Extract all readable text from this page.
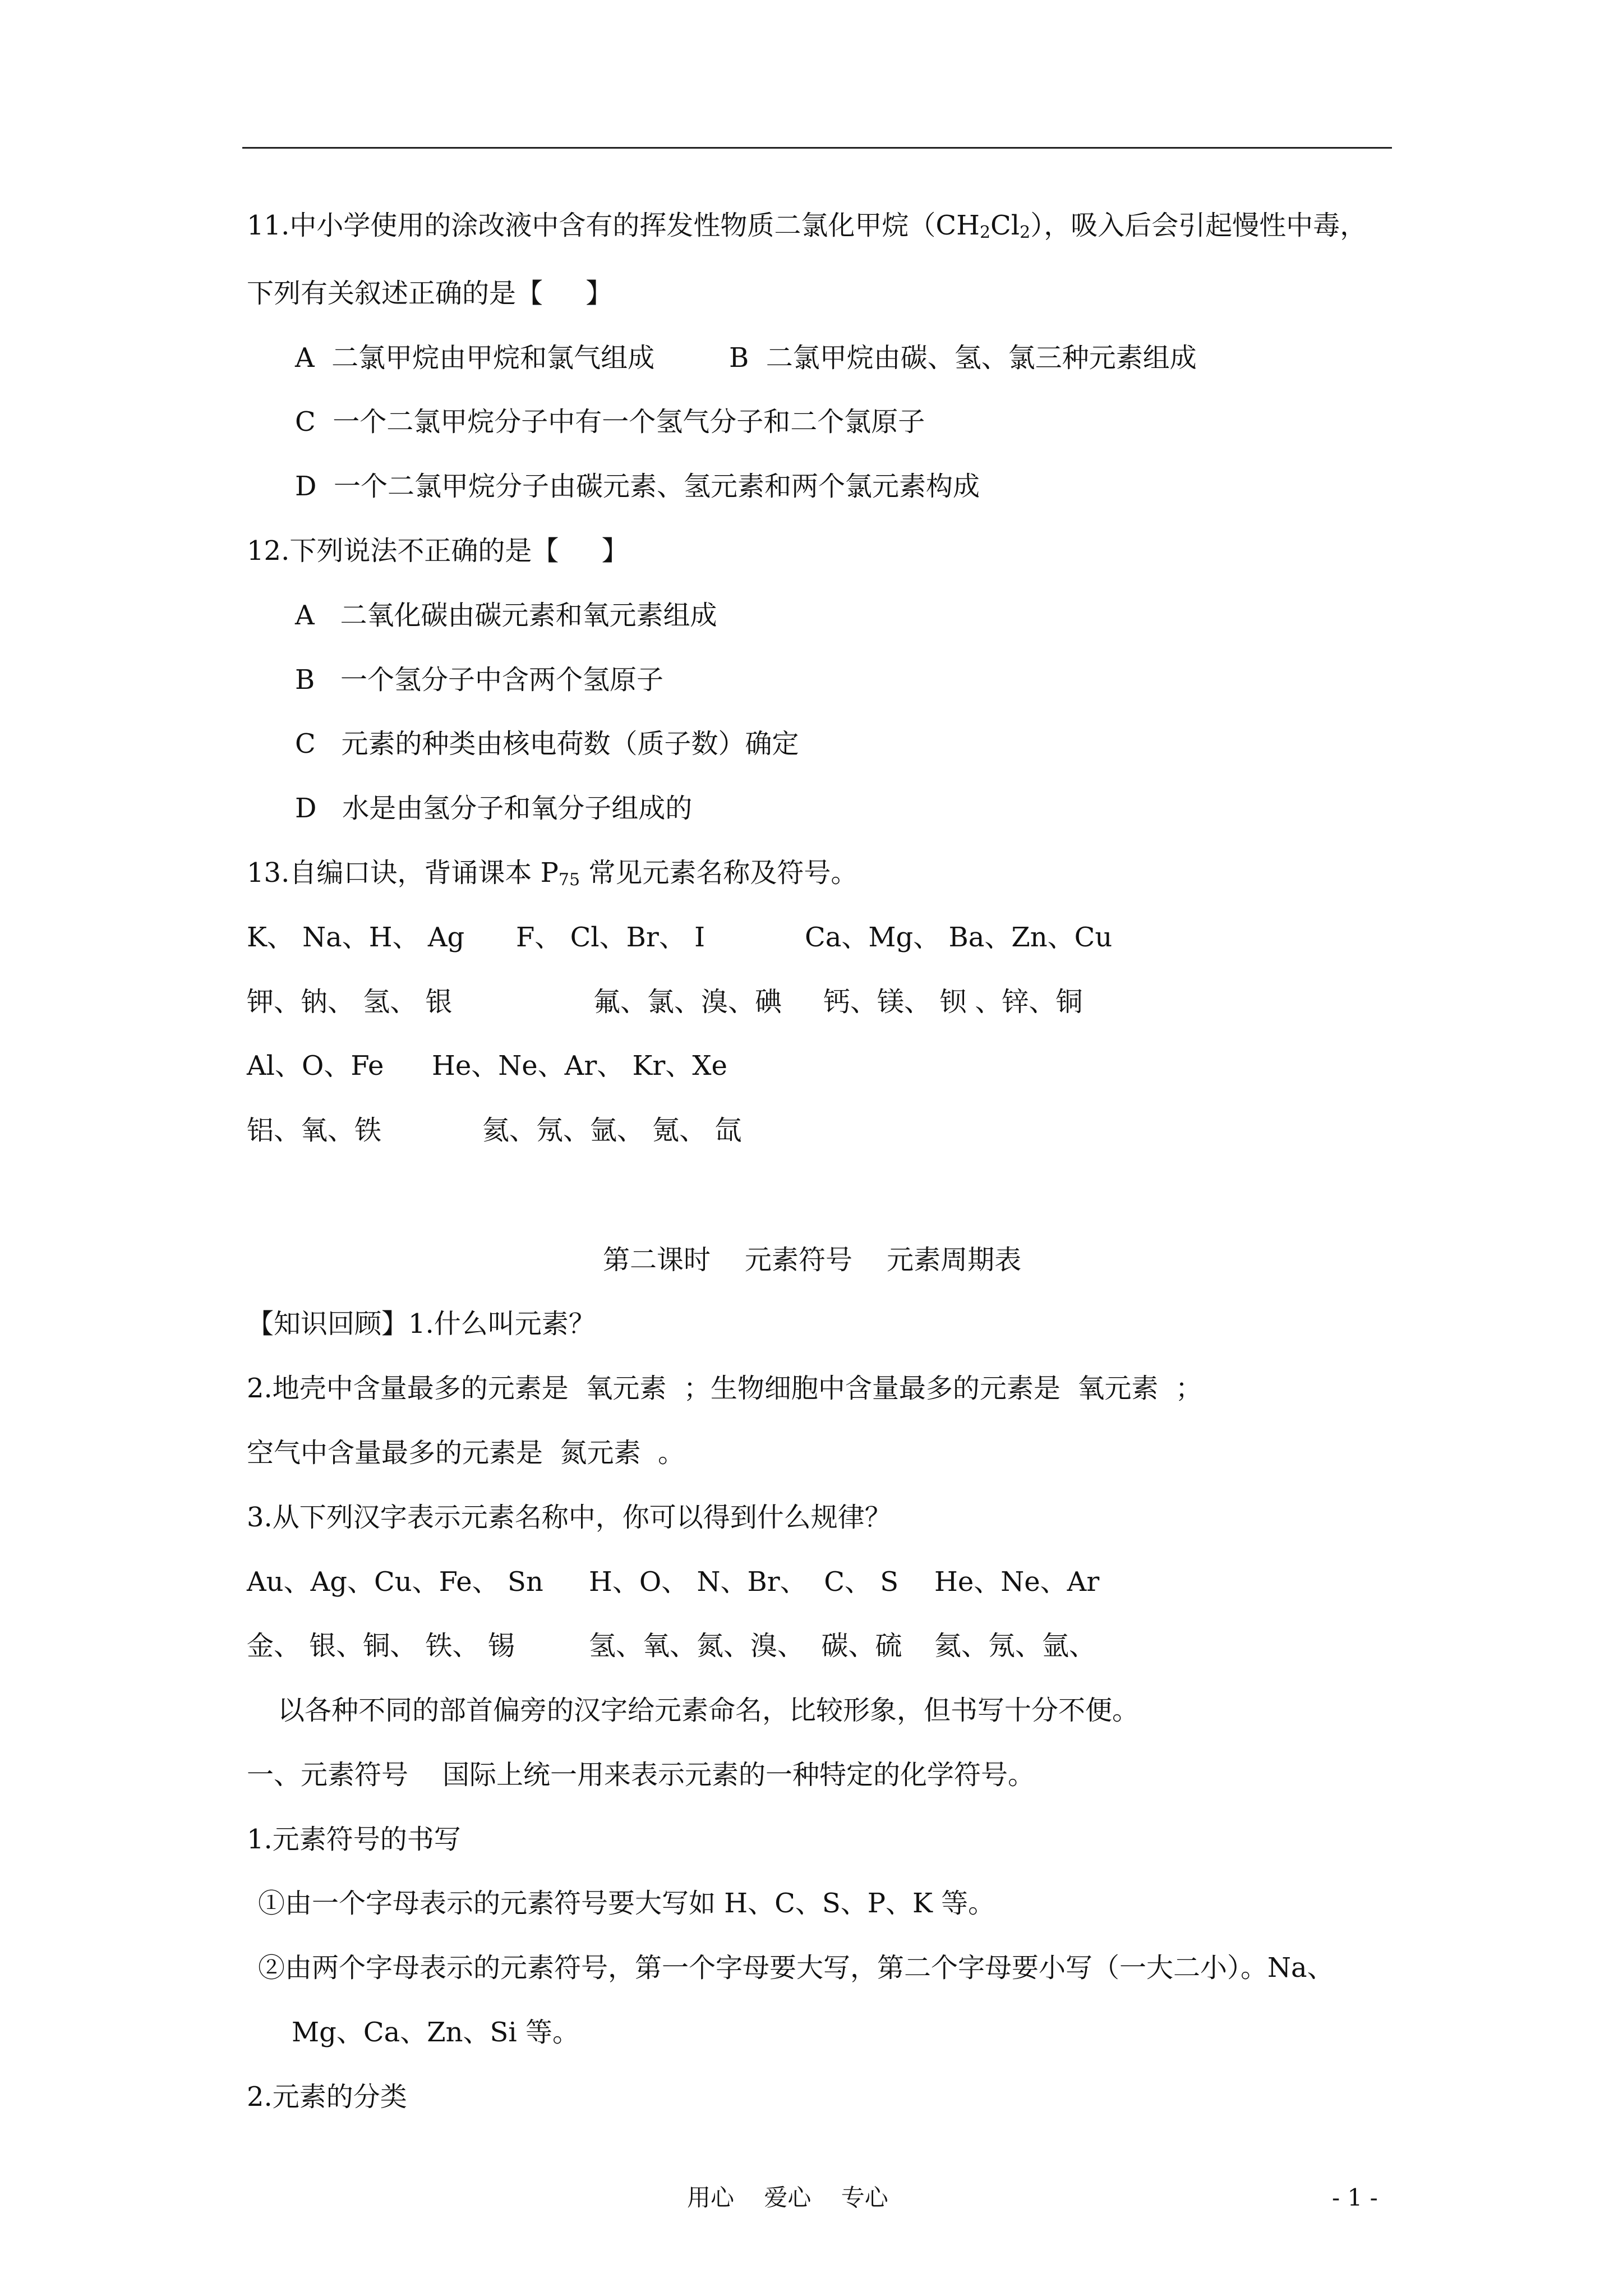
11.中小学使用的涂改液中含有的挥发性物质二氯化甲烷$(CH_2Cl_2)$，吸入后会引起慢性中毒，
下列有关叙述正确的是【     】
A  二氯甲烷由甲烷和氯气组成	B  二氯甲烷由碳、氢、氯三种元素组成
C  一个二氯甲烷分子中有一个氢气分子和二个氯原子
D  一个二氯甲烷分子由碳元素、氢元素和两个氯元素构成
12.下列说法不正确的是【     】
A   二氧化碳由碳元素和氧元素组成
B   一个氢分子中含两个氢原子
C   元素的种类由核电荷数（质子数）确定
D   水是由氢分子和氧分子组成的
13.自编口诀，背诵课本 $P_{75}$ 常见元素名称及符号。
K、 Na、H、 Ag F、 Cl、Br、 I	Ca、Mg、 Ba、Zn、Cu
钾、钠、 氢、 银	氟、氯、溴、碘 钙、镁、 钡 、锌、铜
Al、O、Fe He、Ne、Ar、 Kr、Xe
铝、氧、铁	氦、氖、氩、 氪、 氙
第二课时    元素符号    元素周期表
【知识回顾】1.什么叫元素？
2.地壳中含量最多的元素是  氧元素  ；生物细胞中含量最多的元素是  氧元素  ；
空气中含量最多的元素是  氮元素  。
3.从下列汉字表示元素名称中，你可以得到什么规律？
Au、Ag、Cu、Fe、 Sn H、O、 N、Br、  C、 S He、Ne、Ar
金、 银、铜、 铁、 锡	氢、氧、氮、溴、  碳、硫 氦、氖、氩、
以各种不同的部首偏旁的汉字给元素命名，比较形象，但书写十分不便。
一、元素符号    国际上统一用来表示元素的一种特定的化学符号。
1.元素符号的书写
①由一个字母表示的元素符号要大写如 H、C、S、P、K 等。
②由两个字母表示的元素符号，第一个字母要大写，第二个字母要小写（一大二小）。Na、
Mg、Ca、Zn、Si 等。
2.元素的分类
用心    爱心    专心	- 1 -
